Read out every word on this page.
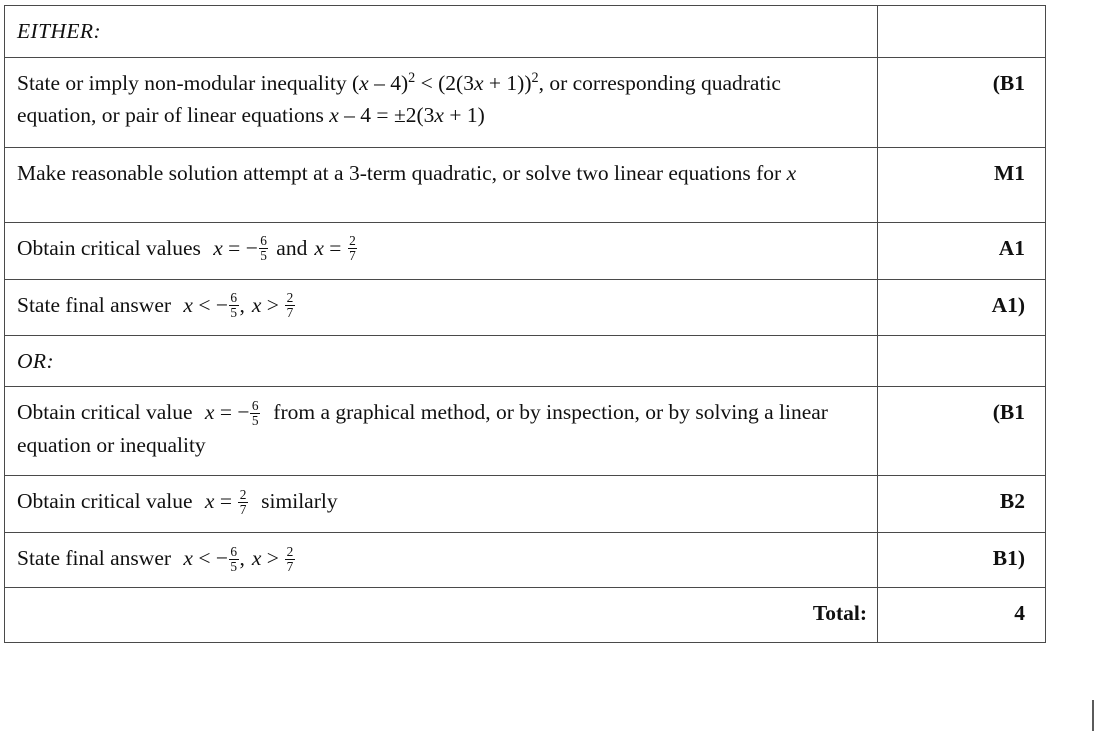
EITHER:	

State or imply non-modular inequality $(x - 4)^2 < (2(3x + 1))^2$, or corresponding quadratic equation, or pair of linear equations x – 4 = ±2(3x + 1)	(B1

Make reasonable solution attempt at a 3-term quadratic, or solve two linear equations for x	M1

Obtain critical values x = − $\frac{6}{5}$ and $x = \frac{2}{7}$	A1

State final answer x < − $\frac{6}{5}$ , $x > \frac{2}{7}$	A1)

OR:	

Obtain critical value x = − $\frac{6}{5}$ from a graphical method, or by inspection, or by solving a linear equation or inequality	(B1

Obtain critical value $x = \frac{2}{7}$ similarly	B2

State final answer x < − $\frac{6}{5}$ , $x > \frac{2}{7}$	B1)

Total:	4
